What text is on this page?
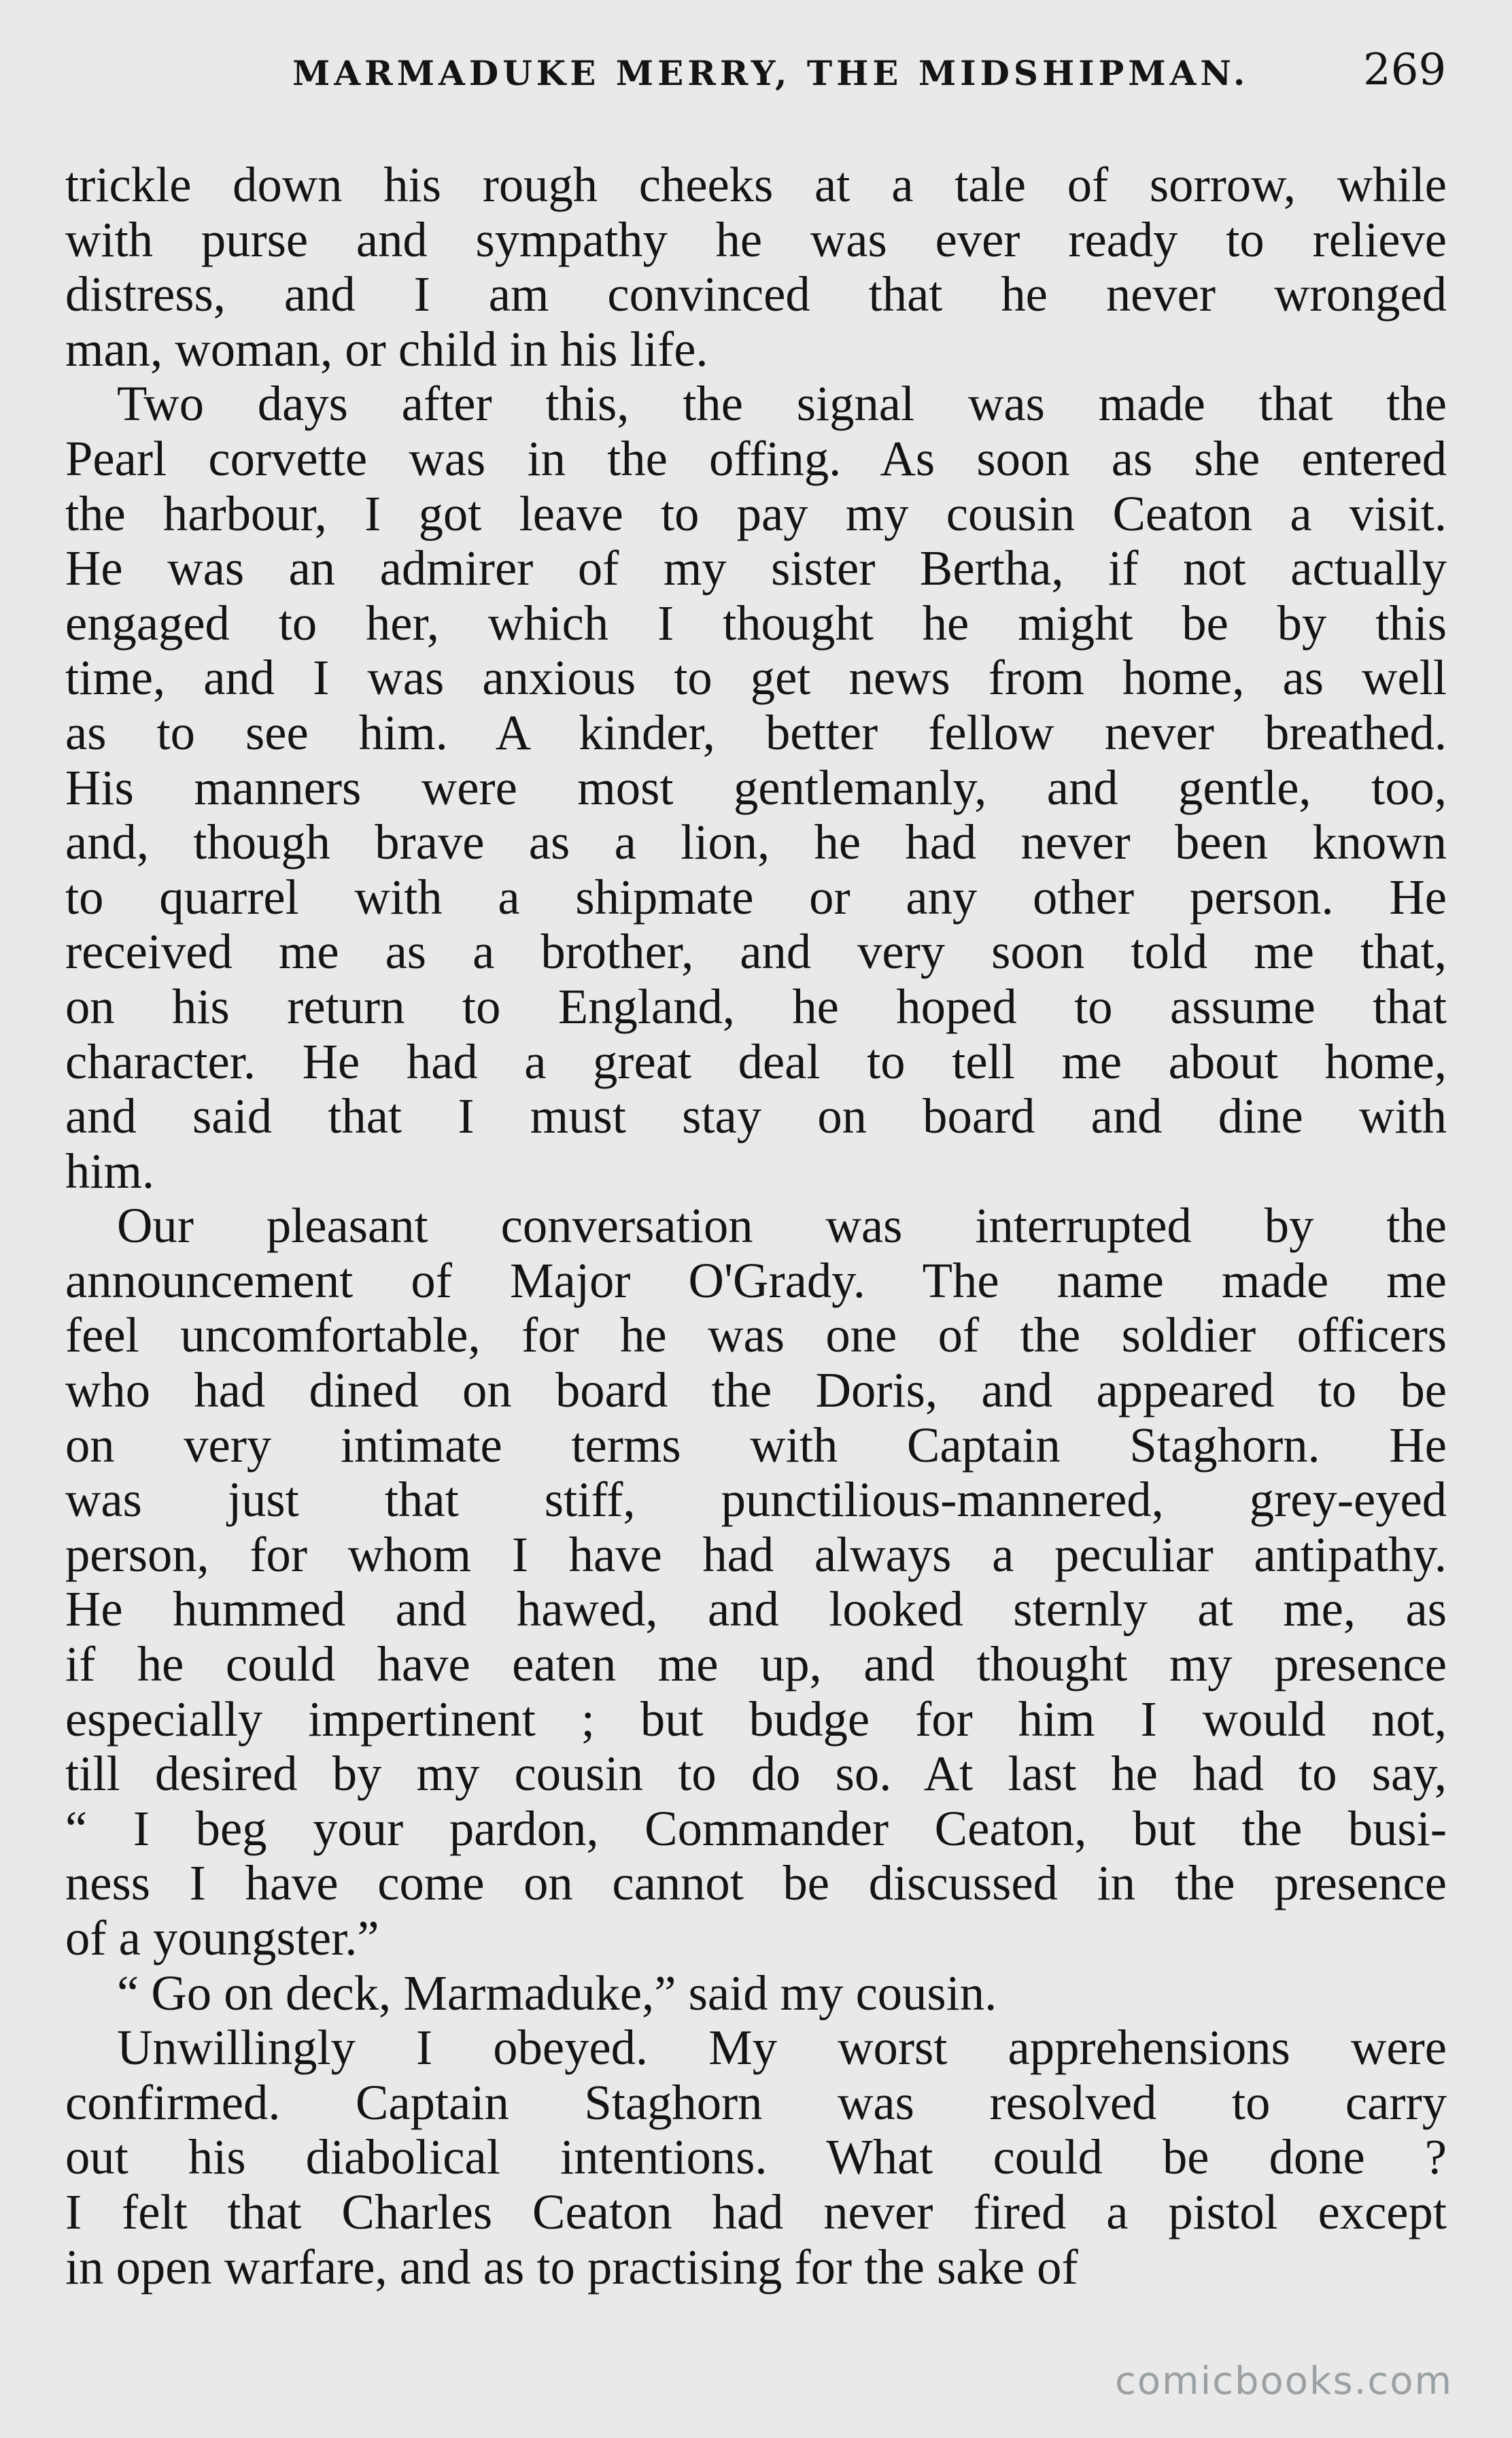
MARMADUKE MERRY, THE MIDSHIPMAN.	269
trickle down his rough cheeks at a tale of sorrow, while
with purse and sympathy he was ever ready to relieve
distress, and I am convinced that he never wronged
man, woman, or child in his life.
Two days after this, the signal was made that the
Pearl corvette was in the offing. As soon as she entered
the harbour, I got leave to pay my cousin Ceaton a visit.
He was an admirer of my sister Bertha, if not actually
engaged to her, which I thought he might be by this
time, and I was anxious to get news from home, as well
as to see him. A kinder, better fellow never breathed.
His manners were most gentlemanly, and gentle, too,
and, though brave as a lion, he had never been known
to quarrel with a shipmate or any other person. He
received me as a brother, and very soon told me that,
on his return to England, he hoped to assume that
character. He had a great deal to tell me about home,
and said that I must stay on board and dine with
him.
Our pleasant conversation was interrupted by the
announcement of Major O'Grady. The name made me
feel uncomfortable, for he was one of the soldier officers
who had dined on board the Doris, and appeared to be
on very intimate terms with Captain Staghorn. He
was just that stiff, punctilious-mannered, grey-eyed
person, for whom I have had always a peculiar antipathy.
He hummed and hawed, and looked sternly at me, as
if he could have eaten me up, and thought my presence
especially impertinent ; but budge for him I would not,
till desired by my cousin to do so. At last he had to say,
“ I beg your pardon, Commander Ceaton, but the busi-
ness I have come on cannot be discussed in the presence
of a youngster.”
“ Go on deck, Marmaduke,” said my cousin.
Unwillingly I obeyed. My worst apprehensions were
confirmed. Captain Staghorn was resolved to carry
out his diabolical intentions. What could be done ?
I felt that Charles Ceaton had never fired a pistol except
in open warfare, and as to practising for the sake of
comicbooks.com
